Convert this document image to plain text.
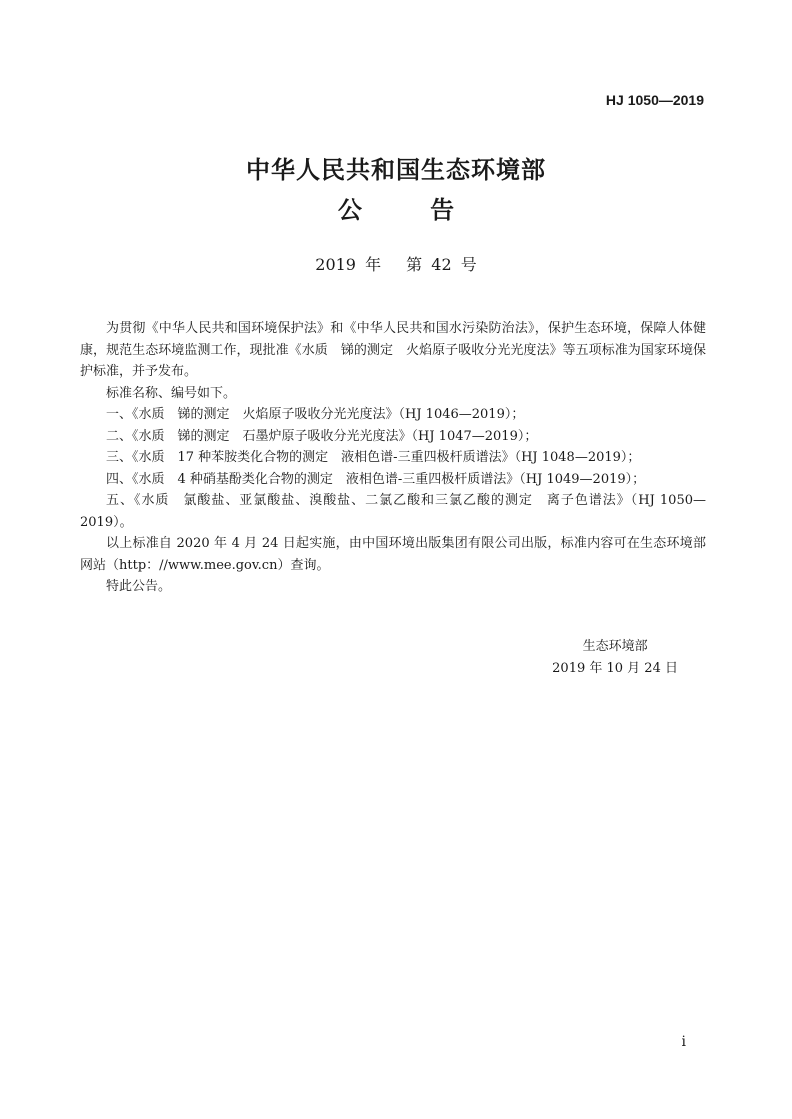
HJ 1050—2019
中华人民共和国生态环境部
公 告
2019 年 第 42 号

为贯彻《中华人民共和国环境保护法》和《中华人民共和国水污染防治法》，保护生态环境，保障人体健康，规范生态环境监测工作，现批准《水质　锑的测定　火焰原子吸收分光光度法》等五项标准为国家环境保护标准，并予发布。

标准名称、编号如下。

一、《水质　锑的测定　火焰原子吸收分光光度法》（HJ 1046—2019）；

二、《水质　锑的测定　石墨炉原子吸收分光光度法》（HJ 1047—2019）；

三、《水质　17 种苯胺类化合物的测定　液相色谱-三重四极杆质谱法》（HJ 1048—2019）；

四、《水质　4 种硝基酚类化合物的测定　液相色谱-三重四极杆质谱法》（HJ 1049—2019）；

五、《水质　氯酸盐、亚氯酸盐、溴酸盐、二氯乙酸和三氯乙酸的测定　离子色谱法》（HJ 1050—2019）。

以上标准自 2020 年 4 月 24 日起实施，由中国环境出版集团有限公司出版，标准内容可在生态环境部网站（http：//www.mee.gov.cn）查询。

特此公告。

生态环境部
2019 年 10 月 24 日
i
